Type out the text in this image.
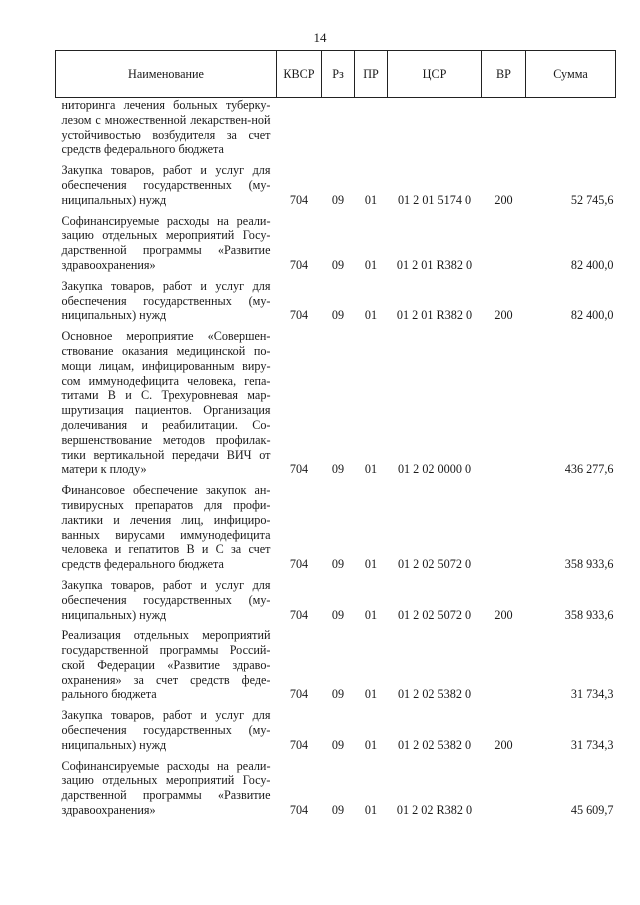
14
Наименование	КВСР	Рз	ПР	ЦСР	ВР	Сумма
ниторинга лечения больных туберку-лезом с множественной лекарствен-ной устойчивостью возбудителя за счет средств федерального бюджета						
Закупка товаров, работ и услуг для обеспечения государственных (му-ниципальных) нужд	704	09	01	01 2 01 5174 0	200	52 745,6
Софинансируемые расходы на реали-зацию отдельных мероприятий Госу-дарственной программы «Развитие здравоохранения»	704	09	01	01 2 01 R382 0		82 400,0
Закупка товаров, работ и услуг для обеспечения государственных (му-ниципальных) нужд	704	09	01	01 2 01 R382 0	200	82 400,0
Основное мероприятие «Совершен-ствование оказания медицинской по-мощи лицам, инфицированным виру-сом иммунодефицита человека, гепа-титами В и С. Трехуровневая мар-шрутизация пациентов. Организация долечивания и реабилитации. Со-вершенствование методов профилак-тики вертикальной передачи ВИЧ от матери к плоду»	704	09	01	01 2 02 0000 0		436 277,6
Финансовое обеспечение закупок ан-тивирусных препаратов для профи-лактики и лечения лиц, инфициро-ванных вирусами иммунодефицита человека и гепатитов В и С за счет средств федерального бюджета	704	09	01	01 2 02 5072 0		358 933,6
Закупка товаров, работ и услуг для обеспечения государственных (му-ниципальных) нужд	704	09	01	01 2 02 5072 0	200	358 933,6
Реализация отдельных мероприятий государственной программы Россий-ской Федерации «Развитие здраво-охранения» за счет средств феде-рального бюджета	704	09	01	01 2 02 5382 0		31 734,3
Закупка товаров, работ и услуг для обеспечения государственных (му-ниципальных) нужд	704	09	01	01 2 02 5382 0	200	31 734,3
Софинансируемые расходы на реали-зацию отдельных мероприятий Госу-дарственной программы «Развитие здравоохранения»	704	09	01	01 2 02 R382 0		45 609,7
